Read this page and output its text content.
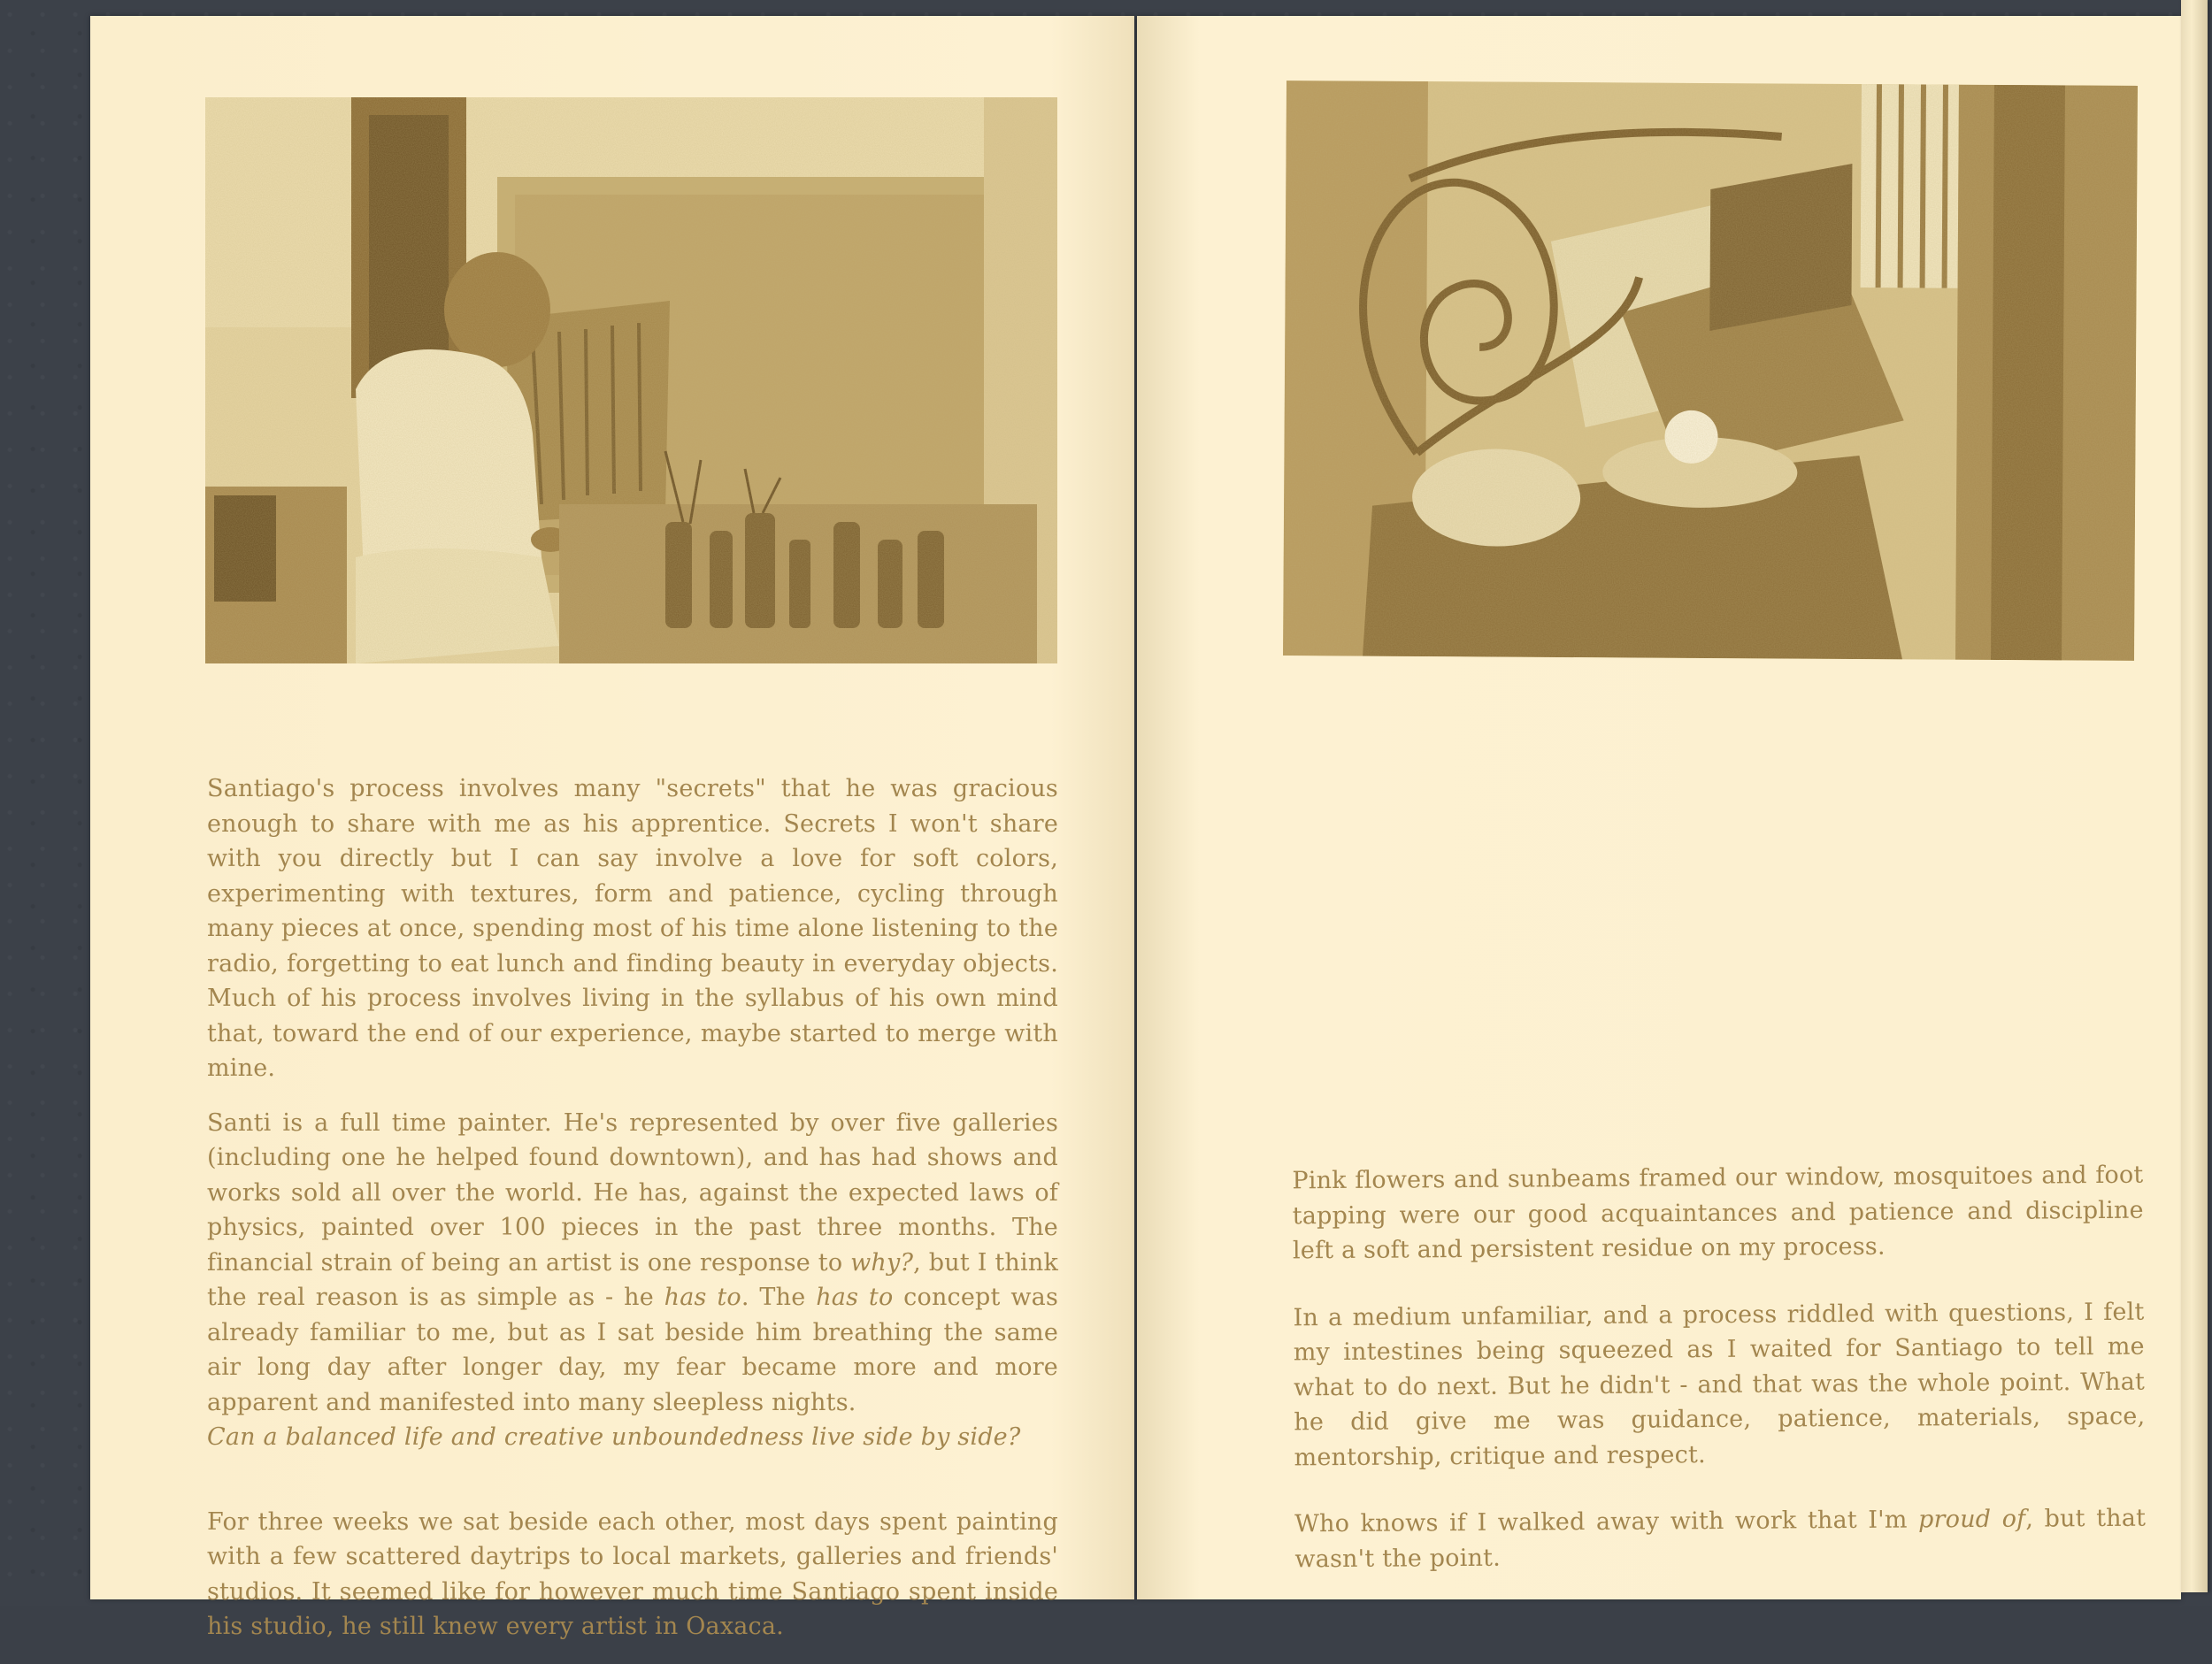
Santiago's process involves many "secrets" that he was gracious enough to share with me as his apprentice. Secrets I won't share with you directly but I can say involve a love for soft colors, experimenting with textures, form and patience, cycling through many pieces at once, spending most of his time alone listening to the radio, forgetting to eat lunch and finding beauty in everyday objects. Much of his process involves living in the syllabus of his own mind that, toward the end of our experience, maybe started to merge with mine.

Santi is a full time painter. He's represented by over five galleries (including one he helped found downtown), and has had shows and works sold all over the world. He has, against the expected laws of physics, painted over 100 pieces in the past three months. The financial strain of being an artist is one response to why?, but I think the real reason is as simple as - he has to. The has to concept was already familiar to me, but as I sat beside him breathing the same air long day after longer day, my fear became more and more apparent and manifested into many sleepless nights.

Can a balanced life and creative unboundedness live side by side?

For three weeks we sat beside each other, most days spent painting with a few scattered daytrips to local markets, galleries and friends' studios. It seemed like for however much time Santiago spent inside his studio, he still knew every artist in Oaxaca.

Pink flowers and sunbeams framed our window, mosquitoes and foot tapping were our good acquaintances and patience and discipline left a soft and persistent residue on my process.

In a medium unfamiliar, and a process riddled with questions, I felt my intestines being squeezed as I waited for Santiago to tell me what to do next. But he didn't - and that was the whole point. What he did give me was guidance, patience, materials, space, mentorship, critique and respect.

Who knows if I walked away with work that I'm proud of, but that wasn't the point.
